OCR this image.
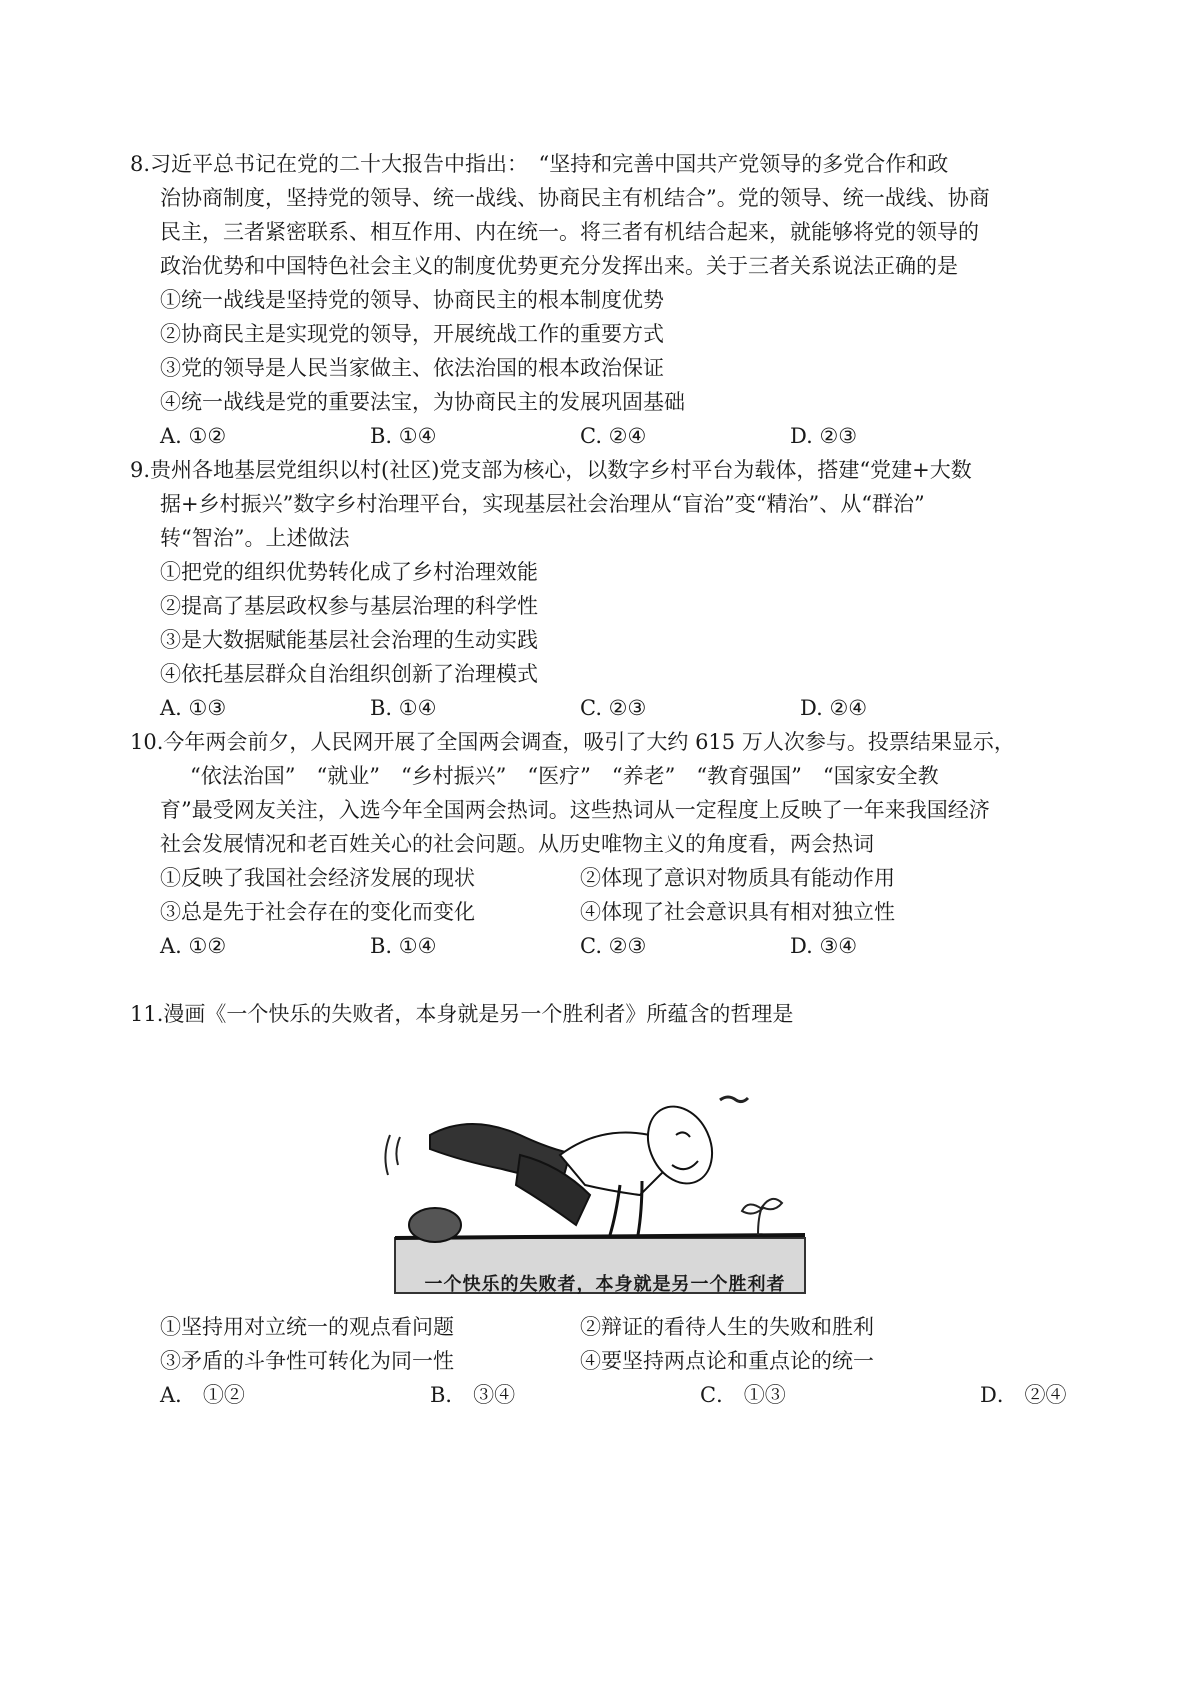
8.习近平总书记在党的二十大报告中指出：　“坚持和完善中国共产党领导的多党合作和政
治协商制度，坚持党的领导、统一战线、协商民主有机结合”。党的领导、统一战线、协商
民主，三者紧密联系、相互作用、内在统一。将三者有机结合起来，就能够将党的领导的
政治优势和中国特色社会主义的制度优势更充分发挥出来。关于三者关系说法正确的是
①统一战线是坚持党的领导、协商民主的根本制度优势
②协商民主是实现党的领导，开展统战工作的重要方式
③党的领导是人民当家做主、依法治国的根本政治保证
④统一战线是党的重要法宝，为协商民主的发展巩固基础
A. ①②	B. ①④	C. ②④	D. ②③
9.贵州各地基层党组织以村(社区)党支部为核心，以数字乡村平台为载体，搭建“党建+大数
据+乡村振兴”数字乡村治理平台，实现基层社会治理从“盲治”变“精治”、从“群治”
转“智治”。上述做法
①把党的组织优势转化成了乡村治理效能
②提高了基层政权参与基层治理的科学性
③是大数据赋能基层社会治理的生动实践
④依托基层群众自治组织创新了治理模式
A. ①③	B. ①④	C. ②③	D. ②④
10.今年两会前夕，人民网开展了全国两会调查，吸引了大约 615 万人次参与。投票结果显示，
“依法治国”　“就业”　“乡村振兴”　“医疗”　“养老”　“教育强国”　“国家安全教
育”最受网友关注，入选今年全国两会热词。这些热词从一定程度上反映了一年来我国经济
社会发展情况和老百姓关心的社会问题。从历史唯物主义的角度看，两会热词
①反映了我国社会经济发展的现状	②体现了意识对物质具有能动作用
③总是先于社会存在的变化而变化	④体现了社会意识具有相对独立性
A. ①②	B. ①④	C. ②③	D. ③④
11.漫画《一个快乐的失败者，本身就是另一个胜利者》所蕴含的哲理是
一个快乐的失败者，本身就是另一个胜利者
①坚持用对立统一的观点看问题	②辩证的看待人生的失败和胜利
③矛盾的斗争性可转化为同一性	④要坚持两点论和重点论的统一
A． ①②	B． ③④	C． ①③	D． ②④
